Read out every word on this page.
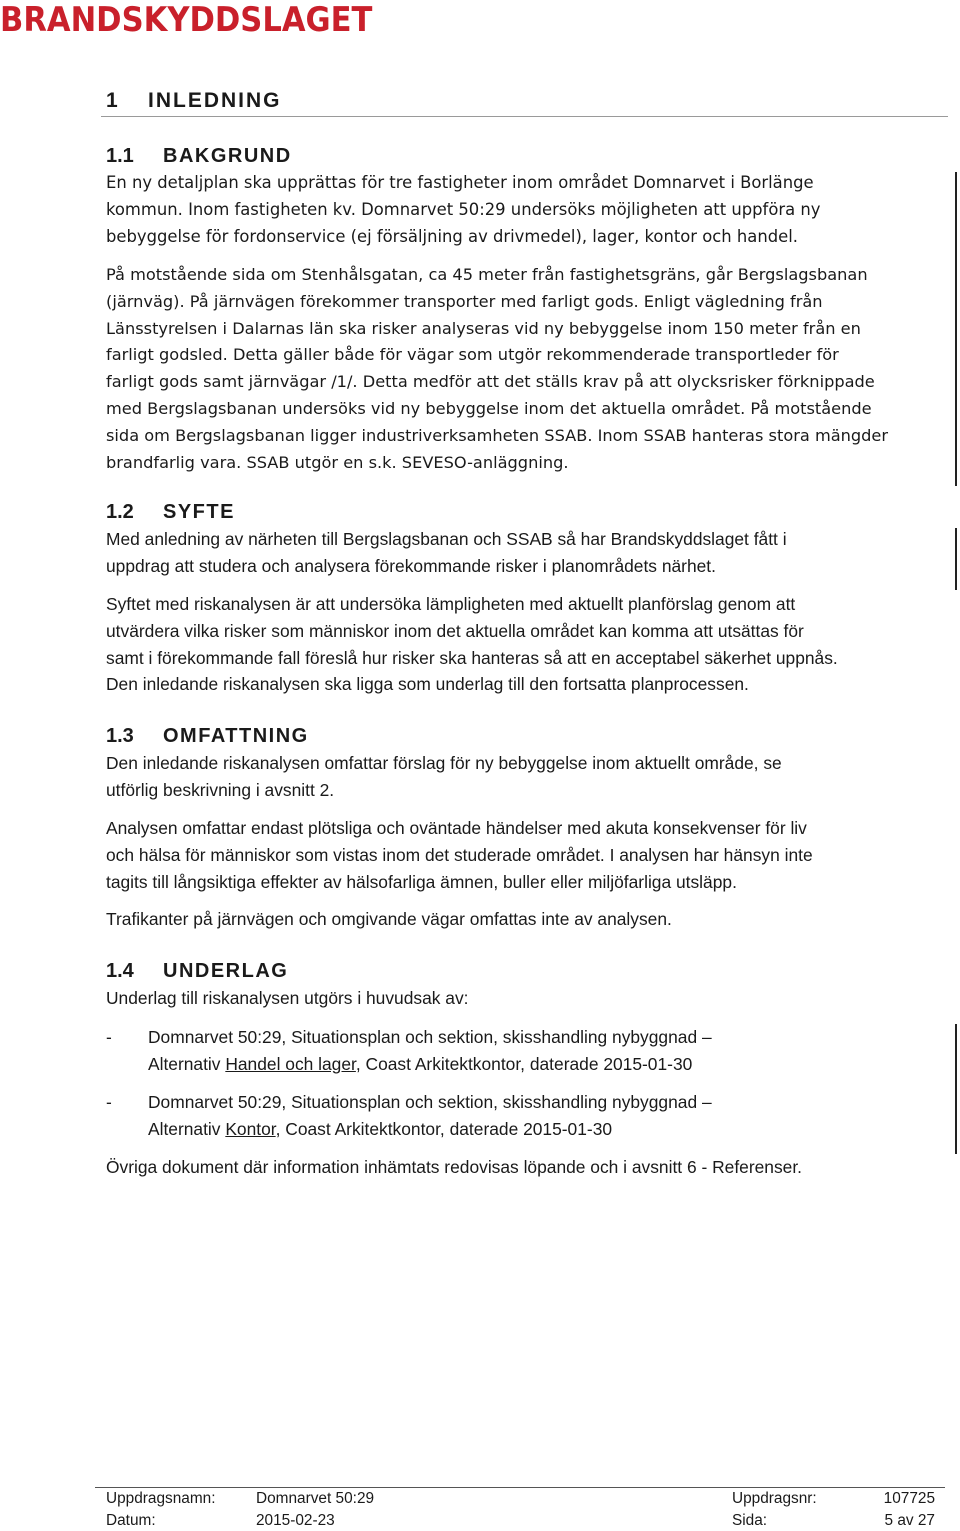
BRANDSKYDDSLAGET
1 INLEDNING
1.1 BAKGRUND
En ny detaljplan ska upprättas för tre fastigheter inom området Domnarvet i Borlänge
kommun. Inom fastigheten kv. Domnarvet 50:29 undersöks möjligheten att uppföra ny
bebyggelse för fordonservice (ej försäljning av drivmedel), lager, kontor och handel.
På motstående sida om Stenhålsgatan, ca 45 meter från fastighetsgräns, går Bergslagsbanan
(järnväg). På järnvägen förekommer transporter med farligt gods. Enligt vägledning från
Länsstyrelsen i Dalarnas län ska risker analyseras vid ny bebyggelse inom 150 meter från en
farligt godsled. Detta gäller både för vägar som utgör rekommenderade transportleder för
farligt gods samt järnvägar /1/. Detta medför att det ställs krav på att olycksrisker förknippade
med Bergslagsbanan undersöks vid ny bebyggelse inom det aktuella området. På motstående
sida om Bergslagsbanan ligger industriverksamheten SSAB. Inom SSAB hanteras stora mängder
brandfarlig vara. SSAB utgör en s.k. SEVESO-anläggning.
1.2 SYFTE
Med anledning av närheten till Bergslagsbanan och SSAB så har Brandskyddslaget fått i
uppdrag att studera och analysera förekommande risker i planområdets närhet.
Syftet med riskanalysen är att undersöka lämpligheten med aktuellt planförslag genom att
utvärdera vilka risker som människor inom det aktuella området kan komma att utsättas för
samt i förekommande fall föreslå hur risker ska hanteras så att en acceptabel säkerhet uppnås.
Den inledande riskanalysen ska ligga som underlag till den fortsatta planprocessen.
1.3 OMFATTNING
Den inledande riskanalysen omfattar förslag för ny bebyggelse inom aktuellt område, se
utförlig beskrivning i avsnitt 2.
Analysen omfattar endast plötsliga och oväntade händelser med akuta konsekvenser för liv
och hälsa för människor som vistas inom det studerade området. I analysen har hänsyn inte
tagits till långsiktiga effekter av hälsofarliga ämnen, buller eller miljöfarliga utsläpp.
Trafikanter på järnvägen och omgivande vägar omfattas inte av analysen.
1.4 UNDERLAG
Underlag till riskanalysen utgörs i huvudsak av:
- Domnarvet 50:29, Situationsplan och sektion, skisshandling nybyggnad –
Alternativ Handel och lager, Coast Arkitektkontor, daterade 2015-01-30
- Domnarvet 50:29, Situationsplan och sektion, skisshandling nybyggnad –
Alternativ Kontor, Coast Arkitektkontor, daterade 2015-01-30
Övriga dokument där information inhämtats redovisas löpande och i avsnitt 6 - Referenser.
Uppdragsnamn:	Domnarvet 50:29	Uppdragsnr:	107725
Datum:	2015-02-23	Sida:	5 av 27
